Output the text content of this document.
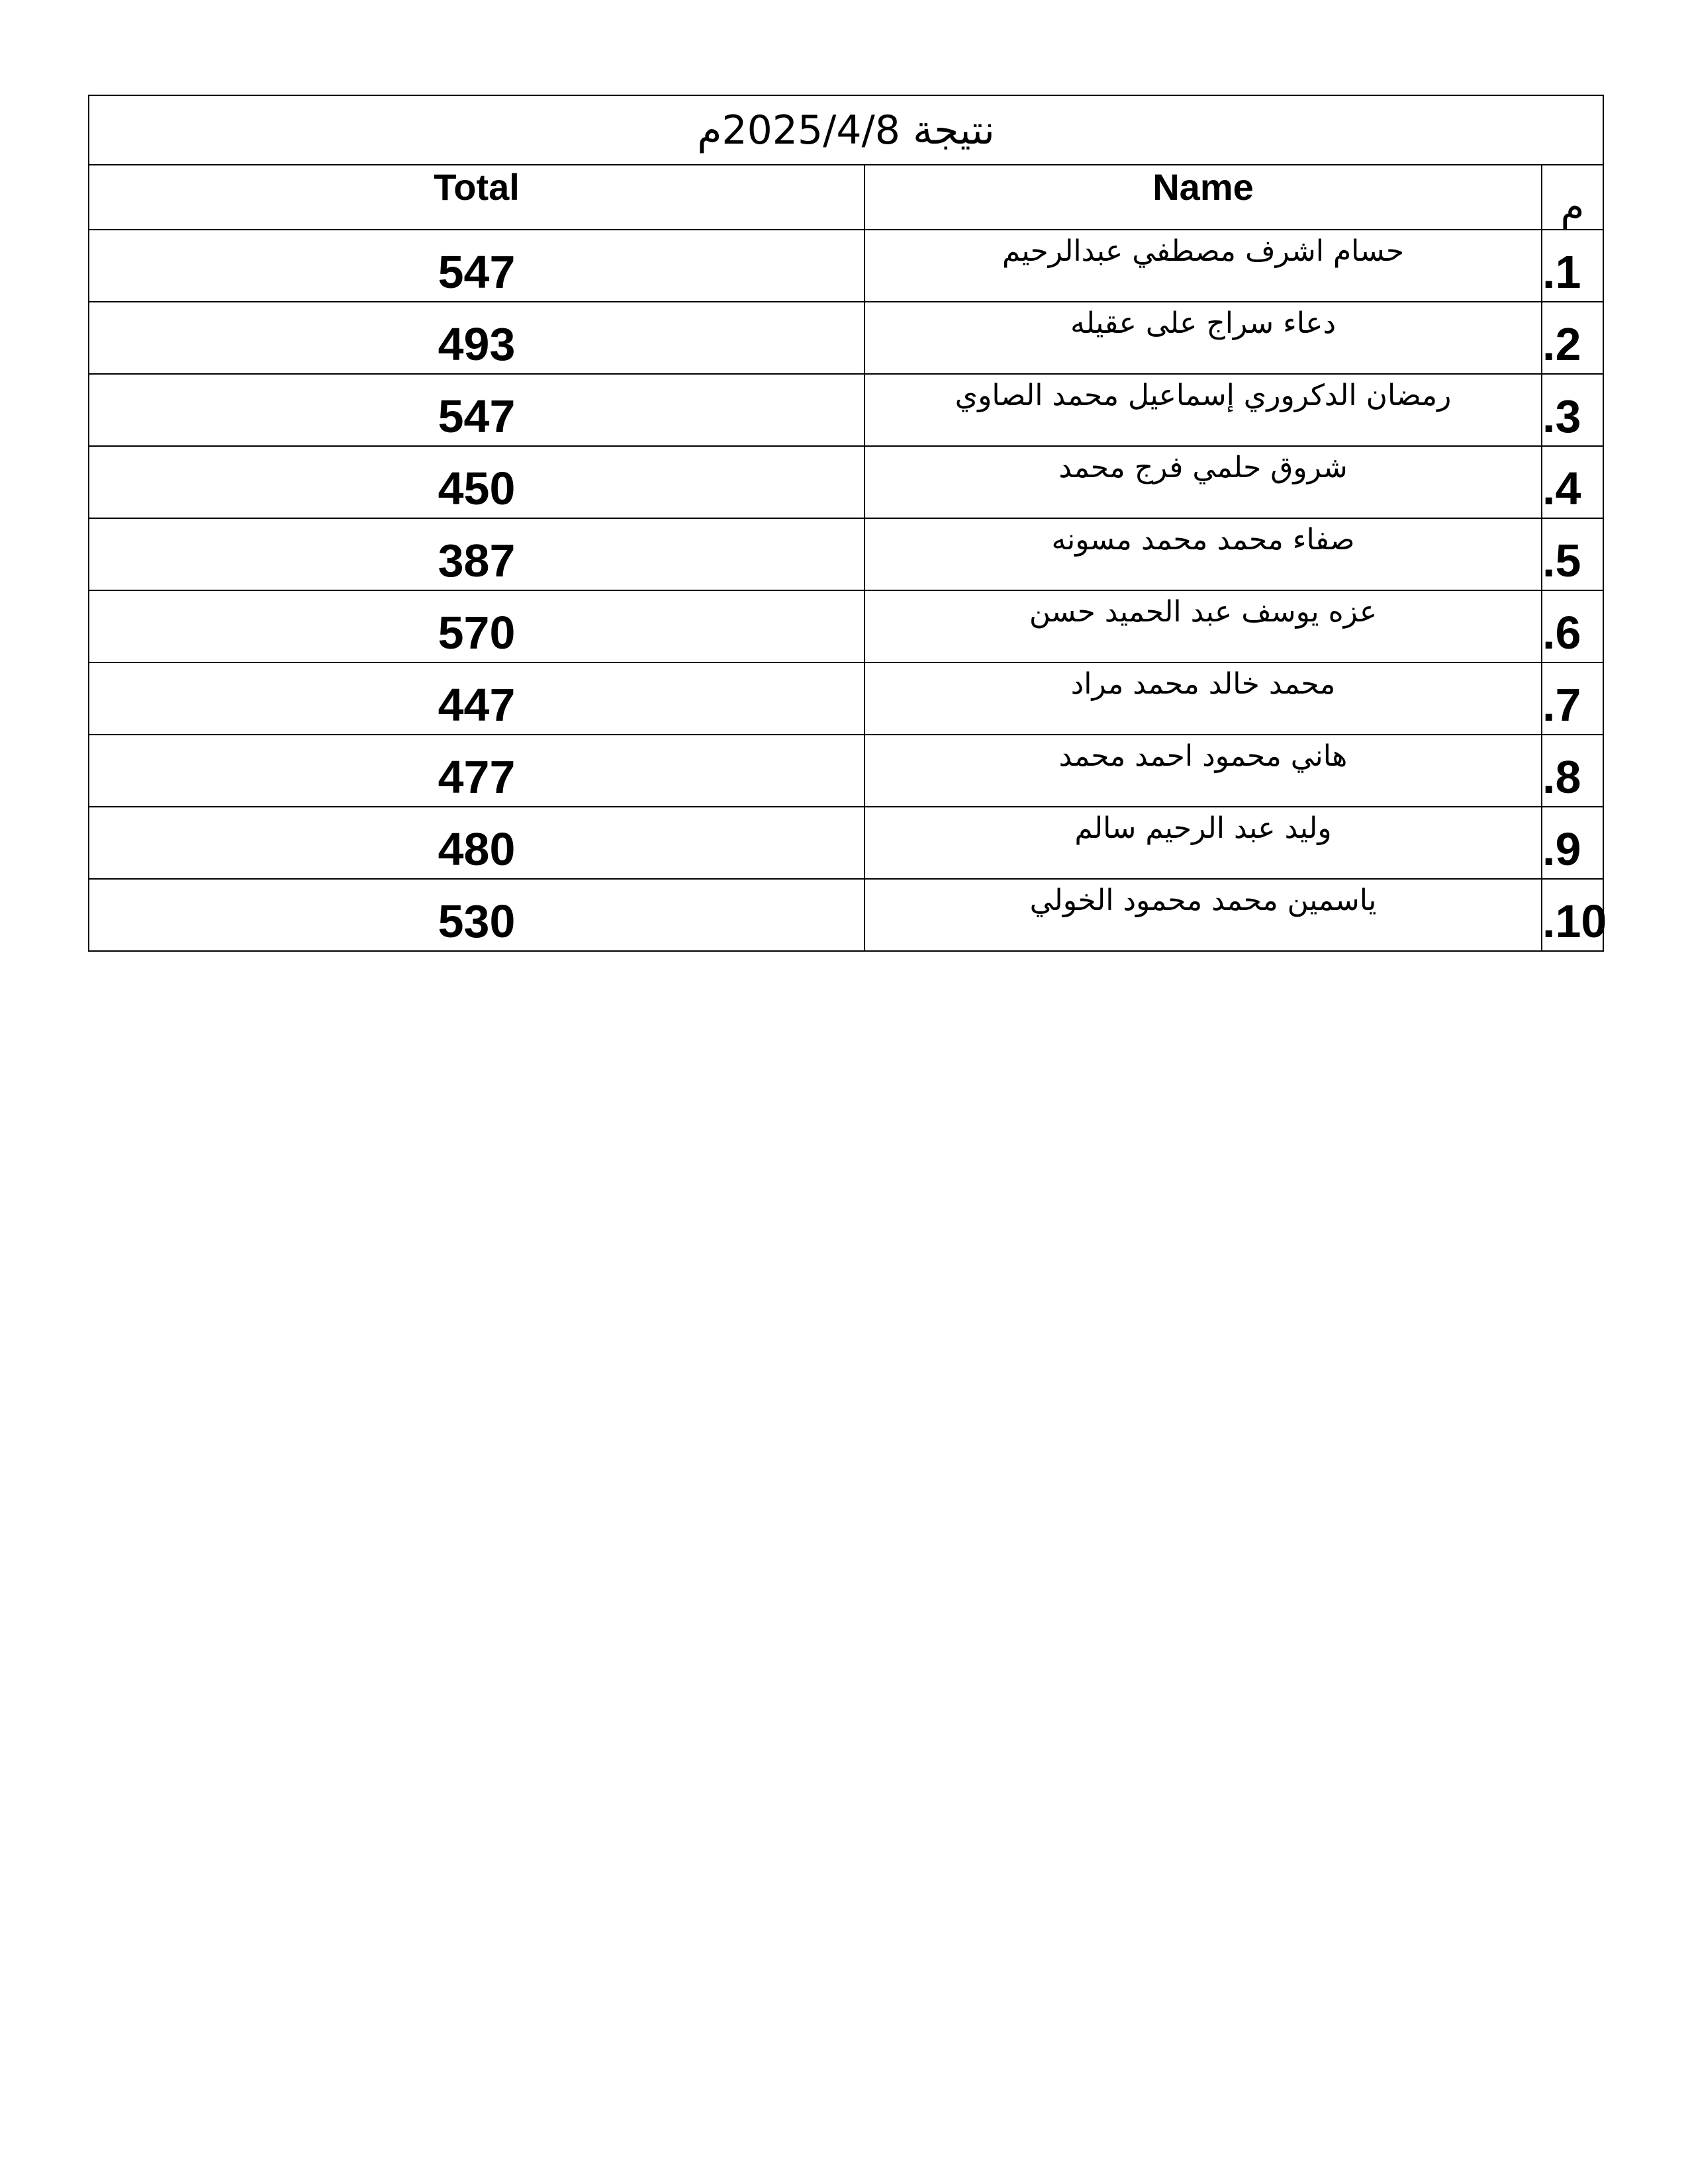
نتيجة 2025/4/8م		
Total	Name	م
547	حسام اشرف مصطفي عبدالرحيم	.1
493	دعاء سراج على عقيله	.2
547	رمضان الدكروري إسماعيل محمد الصاوي	.3
450	شروق حلمي فرج محمد	.4
387	صفاء محمد محمد مسونه	.5
570	عزه يوسف عبد الحميد حسن	.6
447	محمد خالد محمد مراد	.7
477	هاني محمود احمد محمد	.8
480	وليد عبد الرحيم سالم	.9
530	ياسمين محمد محمود الخولي	.10
